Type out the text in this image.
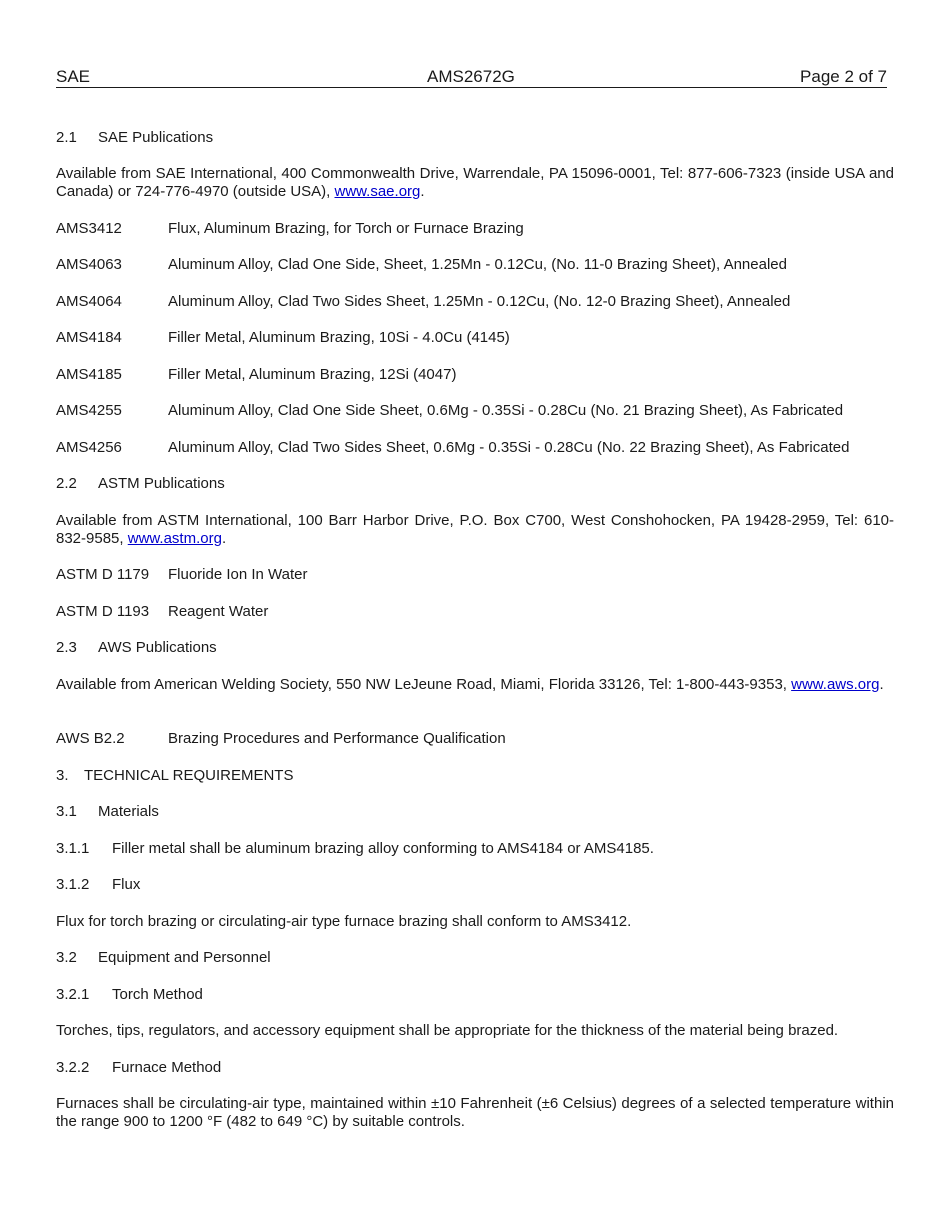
SAE	AMS2672G	Page 2 of 7
2.1 SAE Publications
Available from SAE International, 400 Commonwealth Drive, Warrendale, PA 15096-0001, Tel: 877-606-7323 (inside USA and Canada) or 724-776-4970 (outside USA), www.sae.org.
AMS3412	Flux, Aluminum Brazing, for Torch or Furnace Brazing
AMS4063	Aluminum Alloy, Clad One Side, Sheet, 1.25Mn - 0.12Cu, (No. 11-0 Brazing Sheet), Annealed
AMS4064	Aluminum Alloy, Clad Two Sides Sheet, 1.25Mn - 0.12Cu, (No. 12-0 Brazing Sheet), Annealed
AMS4184	Filler Metal, Aluminum Brazing, 10Si - 4.0Cu (4145)
AMS4185	Filler Metal, Aluminum Brazing, 12Si (4047)
AMS4255	Aluminum Alloy, Clad One Side Sheet, 0.6Mg - 0.35Si - 0.28Cu (No. 21 Brazing Sheet), As Fabricated
AMS4256	Aluminum Alloy, Clad Two Sides Sheet, 0.6Mg - 0.35Si - 0.28Cu (No. 22 Brazing Sheet), As Fabricated
2.2 ASTM Publications
Available from ASTM International, 100 Barr Harbor Drive, P.O. Box C700, West Conshohocken, PA 19428-2959, Tel: 610-832-9585, www.astm.org.
ASTM D 1179 Fluoride Ion In Water
ASTM D 1193 Reagent Water
2.3 AWS Publications
Available from American Welding Society, 550 NW LeJeune Road, Miami, Florida 33126, Tel: 1-800-443-9353, www.aws.org.
AWS B2.2	Brazing Procedures and Performance Qualification
3. TECHNICAL REQUIREMENTS
3.1 Materials
3.1.1 Filler metal shall be aluminum brazing alloy conforming to AMS4184 or AMS4185.
3.1.2 Flux
Flux for torch brazing or circulating-air type furnace brazing shall conform to AMS3412.
3.2 Equipment and Personnel
3.2.1 Torch Method
Torches, tips, regulators, and accessory equipment shall be appropriate for the thickness of the material being brazed.
3.2.2 Furnace Method
Furnaces shall be circulating-air type, maintained within ±10 Fahrenheit (±6 Celsius) degrees of a selected temperature within the range 900 to 1200 °F (482 to 649 °C) by suitable controls.
